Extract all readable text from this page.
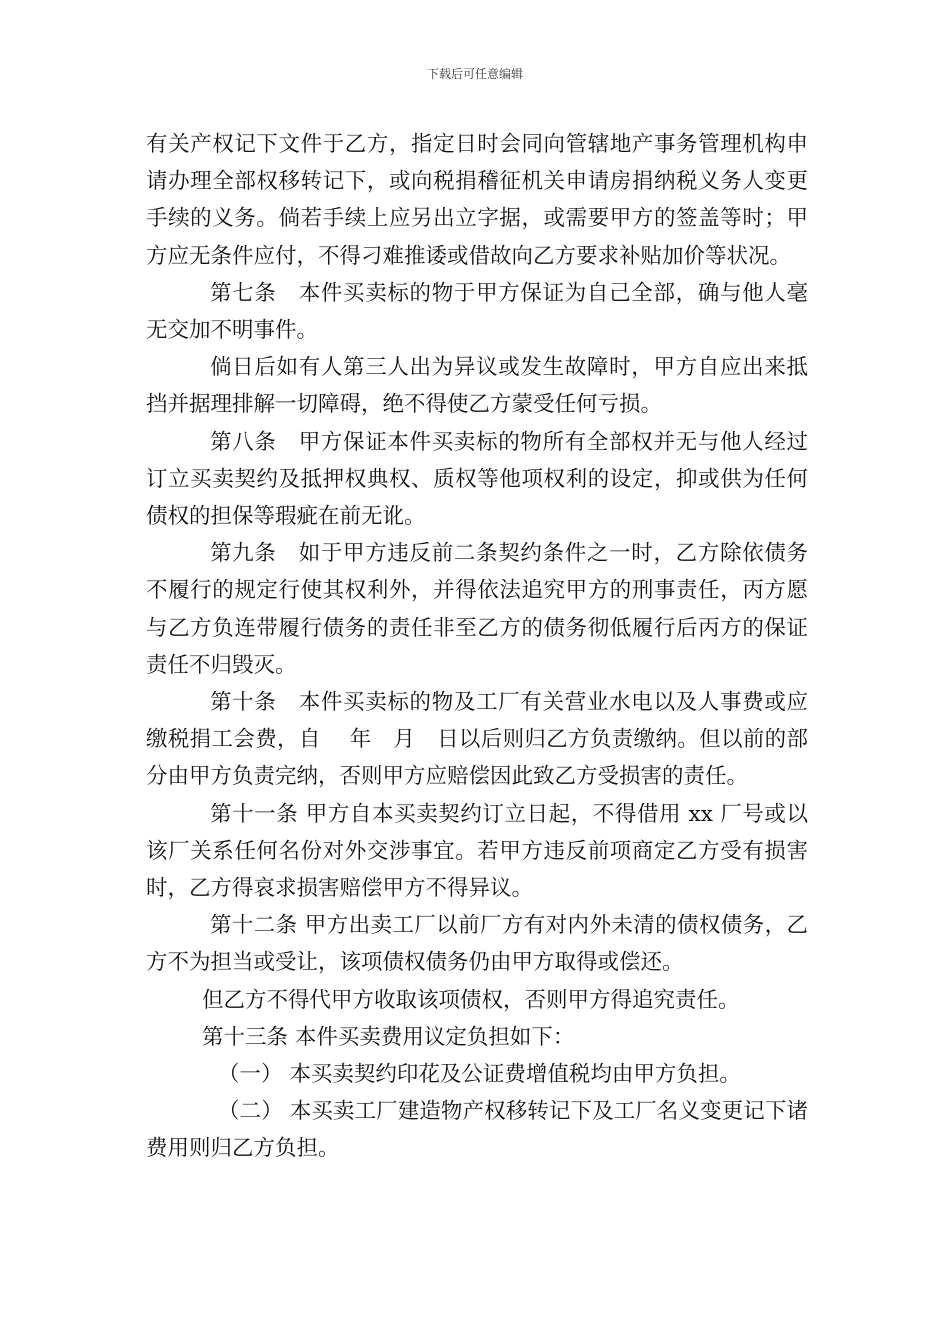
下载后可任意编辑

有关产权记下文件于乙方，指定日时会同向管辖地产事务管理机构申请办理全部权移转记下，或向税捐稽征机关申请房捐纳税义务人变更手续的义务。倘若手续上应另出立字据，或需要甲方的签盖等时；甲方应无条件应付，不得刁难推诿或借故向乙方要求补贴加价等状况。

第七条　本件买卖标的物于甲方保证为自己全部，确与他人毫无交加不明事件。

倘日后如有人第三人出为异议或发生故障时，甲方自应出来抵挡并据理排解一切障碍，绝不得使乙方蒙受任何亏损。

第八条　甲方保证本件买卖标的物所有全部权并无与他人经过订立买卖契约及抵押权典权、质权等他项权利的设定，抑或供为任何债权的担保等瑕疵在前无讹。

第九条　如于甲方违反前二条契约条件之一时，乙方除依债务不履行的规定行使其权利外，并得依法追究甲方的刑事责任，丙方愿与乙方负连带履行债务的责任非至乙方的债务彻低履行后丙方的保证责任不归毁灭。

第十条　本件买卖标的物及工厂有关营业水电以及人事费或应缴税捐工会费，自　 年　月　日以后则归乙方负责缴纳。但以前的部分由甲方负责完纳，否则甲方应赔偿因此致乙方受损害的责任。

第十一条 甲方自本买卖契约订立日起，不得借用 xx 厂号或以该厂关系任何名份对外交涉事宜。若甲方违反前项商定乙方受有损害时，乙方得哀求损害赔偿甲方不得异议。

第十二条 甲方出卖工厂以前厂方有对内外未清的债权债务，乙方不为担当或受让，该项债权债务仍由甲方取得或偿还。

但乙方不得代甲方收取该项债权，否则甲方得追究责任。

第十三条 本件买卖费用议定负担如下：

（一） 本买卖契约印花及公证费增值税均由甲方负担。

（二） 本买卖工厂建造物产权移转记下及工厂名义变更记下诸费用则归乙方负担。
